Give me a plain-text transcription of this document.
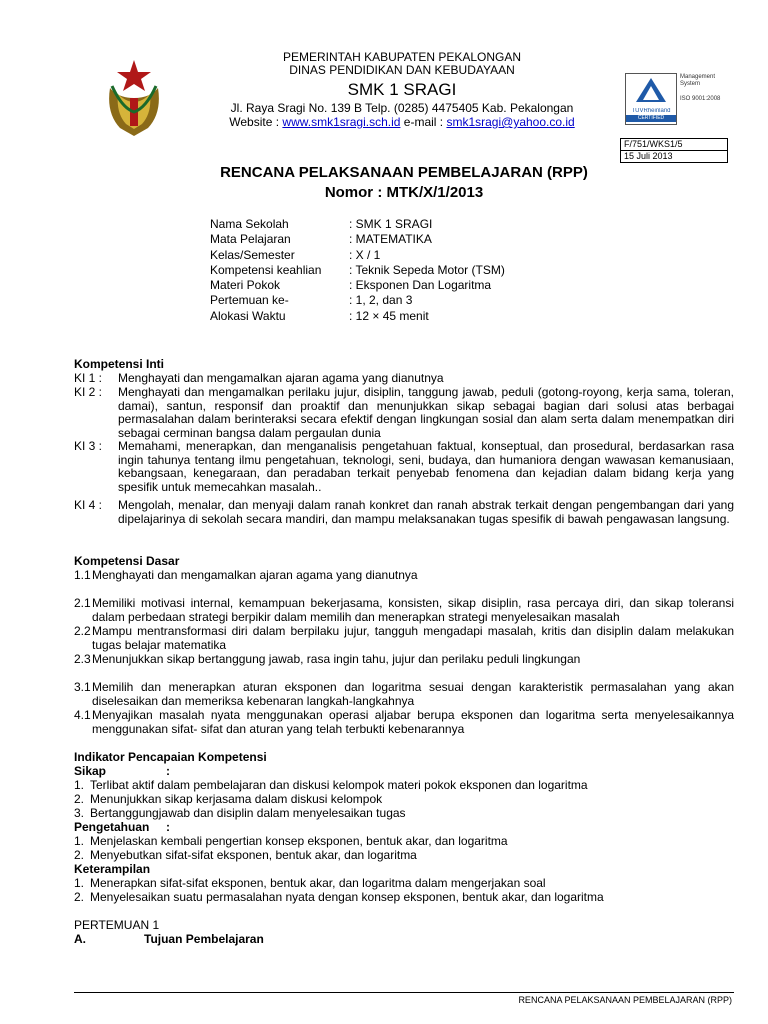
PEMERINTAH KABUPATEN PEKALONGAN
DINAS PENDIDIKAN DAN KEBUDAYAAN
SMK 1 SRAGI
Jl. Raya Sragi No. 139 B Telp. (0285) 4475405 Kab. Pekalongan
Website : www.smk1sragi.sch.id e-mail : smk1sragi@yahoo.co.id
TÜVRheinland
CERTIFIED
Management System
ISO 9001:2008
F/751/WKS1/5
15 Juli 2013
RENCANA PELAKSANAAN PEMBELAJARAN (RPP)
Nomor : MTK/X/1/2013
Nama Sekolah	: SMK 1 SRAGI
Mata Pelajaran	: MATEMATIKA
Kelas/Semester	: X / 1
Kompetensi keahlian : Teknik Sepeda Motor (TSM)
Materi Pokok	: Eksponen Dan Logaritma
Pertemuan ke-	: 1, 2, dan 3
Alokasi Waktu	: 12 × 45 menit
Kompetensi Inti
KI 1 :	Menghayati dan mengamalkan ajaran agama yang dianutnya
KI 2 :	Menghayati dan mengamalkan perilaku jujur, disiplin, tanggung jawab, peduli (gotong-royong, kerja sama, toleran, damai), santun, responsif dan proaktif dan menunjukkan sikap sebagai bagian dari solusi atas berbagai permasalahan dalam berinteraksi secara efektif dengan lingkungan sosial dan alam serta dalam menempatkan diri sebagai cerminan bangsa dalam pergaulan dunia
KI 3 :	Memahami, menerapkan, dan menganalisis pengetahuan faktual, konseptual, dan prosedural, berdasarkan rasa ingin tahunya tentang ilmu pengetahuan, teknologi, seni, budaya, dan humaniora dengan wawasan kemanusiaan, kebangsaan, kenegaraan, dan peradaban terkait penyebab fenomena dan kejadian dalam bidang kerja yang spesifik untuk memecahkan masalah..
KI 4 :	Mengolah, menalar, dan menyaji dalam ranah konkret dan ranah abstrak terkait dengan pengembangan dari yang dipelajarinya di sekolah secara mandiri, dan mampu melaksanakan tugas spesifik di bawah pengawasan langsung.
Kompetensi Dasar
1.1 Menghayati dan mengamalkan ajaran agama yang dianutnya
2.1 Memiliki motivasi internal, kemampuan bekerjasama, konsisten, sikap disiplin, rasa percaya diri, dan sikap toleransi dalam perbedaan strategi berpikir dalam memilih dan menerapkan strategi menyelesaikan masalah
2.2 Mampu mentransformasi diri dalam berpilaku jujur, tangguh mengadapi masalah, kritis dan disiplin dalam melakukan tugas belajar matematika
2.3 Menunjukkan sikap bertanggung jawab, rasa ingin tahu, jujur dan perilaku peduli lingkungan
3.1 Memilih dan menerapkan aturan eksponen dan logaritma sesuai dengan karakteristik permasalahan yang akan diselesaikan dan memeriksa kebenaran langkah-langkahnya
4.1 Menyajikan masalah nyata menggunakan operasi aljabar berupa eksponen dan logaritma serta menyelesaikannya menggunakan sifat- sifat dan aturan yang telah terbukti kebenarannya
Indikator Pencapaian Kompetensi
Sikap	:
1. Terlibat aktif dalam pembelajaran dan diskusi kelompok materi pokok eksponen dan logaritma
2. Menunjukkan sikap kerjasama dalam diskusi kelompok
3. Bertanggungjawab dan disiplin dalam menyelesaikan tugas
Pengetahuan :
1. Menjelaskan kembali pengertian konsep eksponen, bentuk akar, dan logaritma
2. Menyebutkan sifat-sifat eksponen, bentuk akar, dan logaritma
Keterampilan
1. Menerapkan sifat-sifat eksponen, bentuk akar, dan logaritma dalam mengerjakan soal
2. Menyelesaikan suatu permasalahan nyata dengan konsep eksponen, bentuk akar, dan logaritma
PERTEMUAN 1
A.	Tujuan Pembelajaran
RENCANA PELAKSANAAN PEMBELAJARAN (RPP)
